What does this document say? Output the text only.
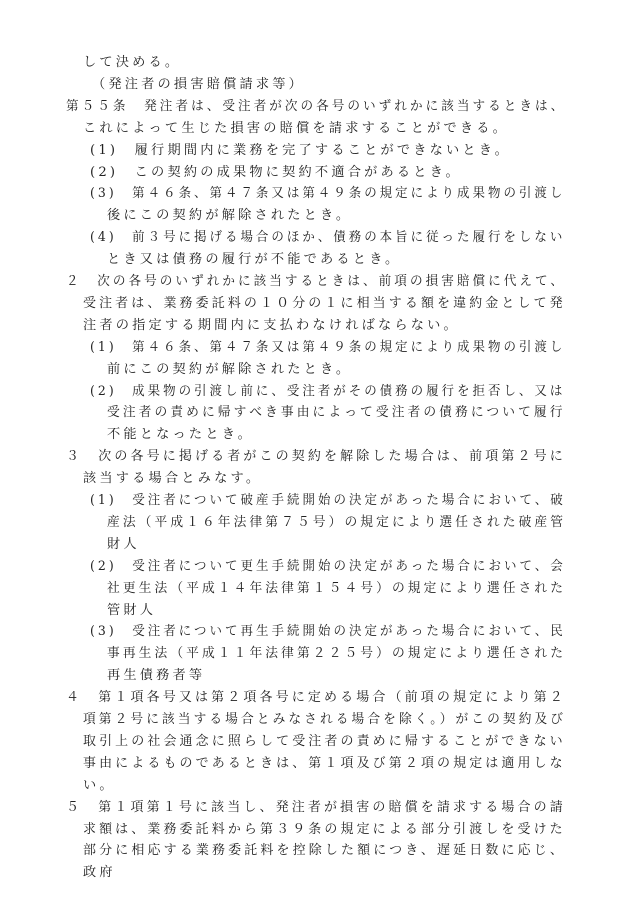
して決める。
（発注者の損害賠償請求等）
第５５条　発注者は、受注者が次の各号のいずれかに該当するときは、
これによって生じた損害の賠償を請求することができる。
(1)　履行期間内に業務を完了することができないとき。
(2)　この契約の成果物に契約不適合があるとき。
(3)　第４６条、第４７条又は第４９条の規定により成果物の引渡し
後にこの契約が解除されたとき。
(4)　前３号に掲げる場合のほか、債務の本旨に従った履行をしない
とき又は債務の履行が不能であるとき。
２　次の各号のいずれかに該当するときは、前項の損害賠償に代えて、
受注者は、業務委託料の１０分の１に相当する額を違約金として発
注者の指定する期間内に支払わなければならない。
(1)　第４６条、第４７条又は第４９条の規定により成果物の引渡し
前にこの契約が解除されたとき。
(2)　成果物の引渡し前に、受注者がその債務の履行を拒否し、又は
受注者の責めに帰すべき事由によって受注者の債務について履行
不能となったとき。
３　次の各号に掲げる者がこの契約を解除した場合は、前項第２号に
該当する場合とみなす。
(1)　受注者について破産手続開始の決定があった場合において、破
産法（平成１６年法律第７５号）の規定により選任された破産管
財人
(2)　受注者について更生手続開始の決定があった場合において、会
社更生法（平成１４年法律第１５４号）の規定により選任された
管財人
(3)　受注者について再生手続開始の決定があった場合において、民
事再生法（平成１１年法律第２２５号）の規定により選任された
再生債務者等
４　第１項各号又は第２項各号に定める場合（前項の規定により第２
項第２号に該当する場合とみなされる場合を除く。）がこの契約及び
取引上の社会通念に照らして受注者の責めに帰することができない
事由によるものであるときは、第１項及び第２項の規定は適用しな
い。
５　第１項第１号に該当し、発注者が損害の賠償を請求する場合の請
求額は、業務委託料から第３９条の規定による部分引渡しを受けた
部分に相応する業務委託料を控除した額につき、遅延日数に応じ、
政府
